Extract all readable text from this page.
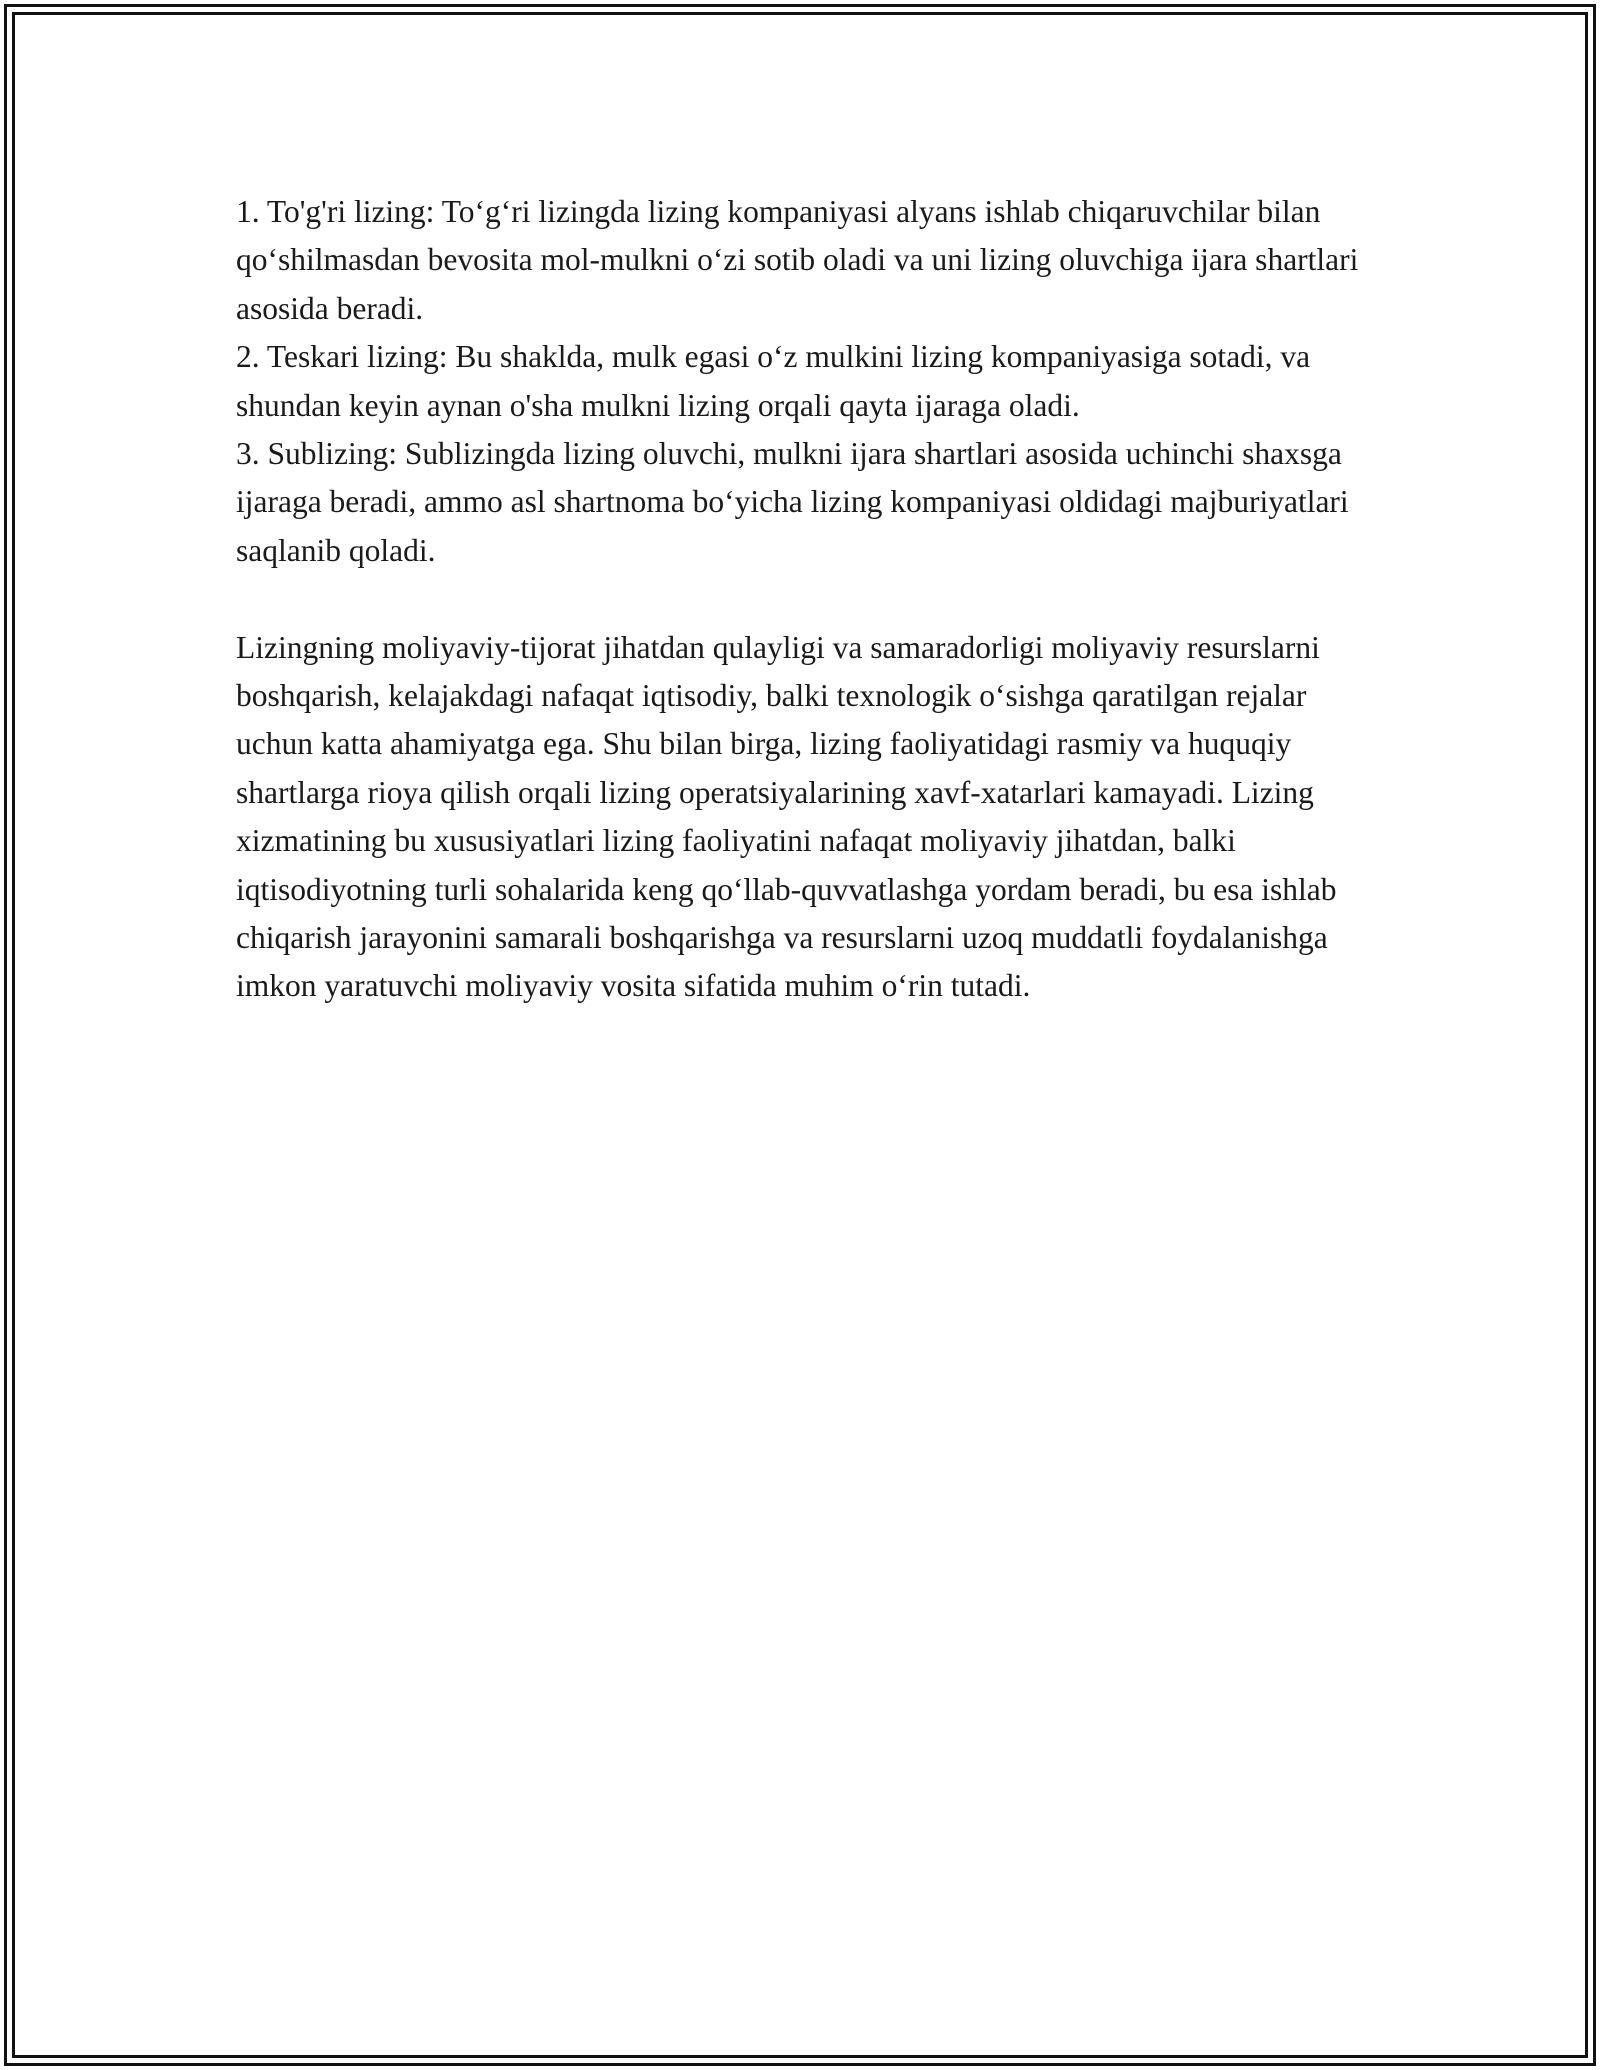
1. To'g'ri lizing: To‘g‘ri lizingda lizing kompaniyasi alyans ishlab chiqaruvchilar bilan qo‘shilmasdan bevosita mol-mulkni o‘zi sotib oladi va uni lizing oluvchiga ijara shartlari asosida beradi.

2. Teskari lizing: Bu shaklda, mulk egasi o‘z mulkini lizing kompaniyasiga sotadi, va shundan keyin aynan o'sha mulkni lizing orqali qayta ijaraga oladi.

3. Sublizing: Sublizingda lizing oluvchi, mulkni ijara shartlari asosida uchinchi shaxsga ijaraga beradi, ammo asl shartnoma bo‘yicha lizing kompaniyasi oldidagi majburiyatlari saqlanib qoladi.

Lizingning moliyaviy-tijorat jihatdan qulayligi va samaradorligi moliyaviy resurslarni boshqarish, kelajakdagi nafaqat iqtisodiy, balki texnologik o‘sishga qaratilgan rejalar uchun katta ahamiyatga ega. Shu bilan birga, lizing faoliyatidagi rasmiy va huquqiy shartlarga rioya qilish orqali lizing operatsiyalarining xavf-xatarlari kamayadi. Lizing xizmatining bu xususiyatlari lizing faoliyatini nafaqat moliyaviy jihatdan, balki iqtisodiyotning turli sohalarida keng qo‘llab-quvvatlashga yordam beradi, bu esa ishlab chiqarish jarayonini samarali boshqarishga va resurslarni uzoq muddatli foydalanishga imkon yaratuvchi moliyaviy vosita sifatida muhim o‘rin tutadi.
